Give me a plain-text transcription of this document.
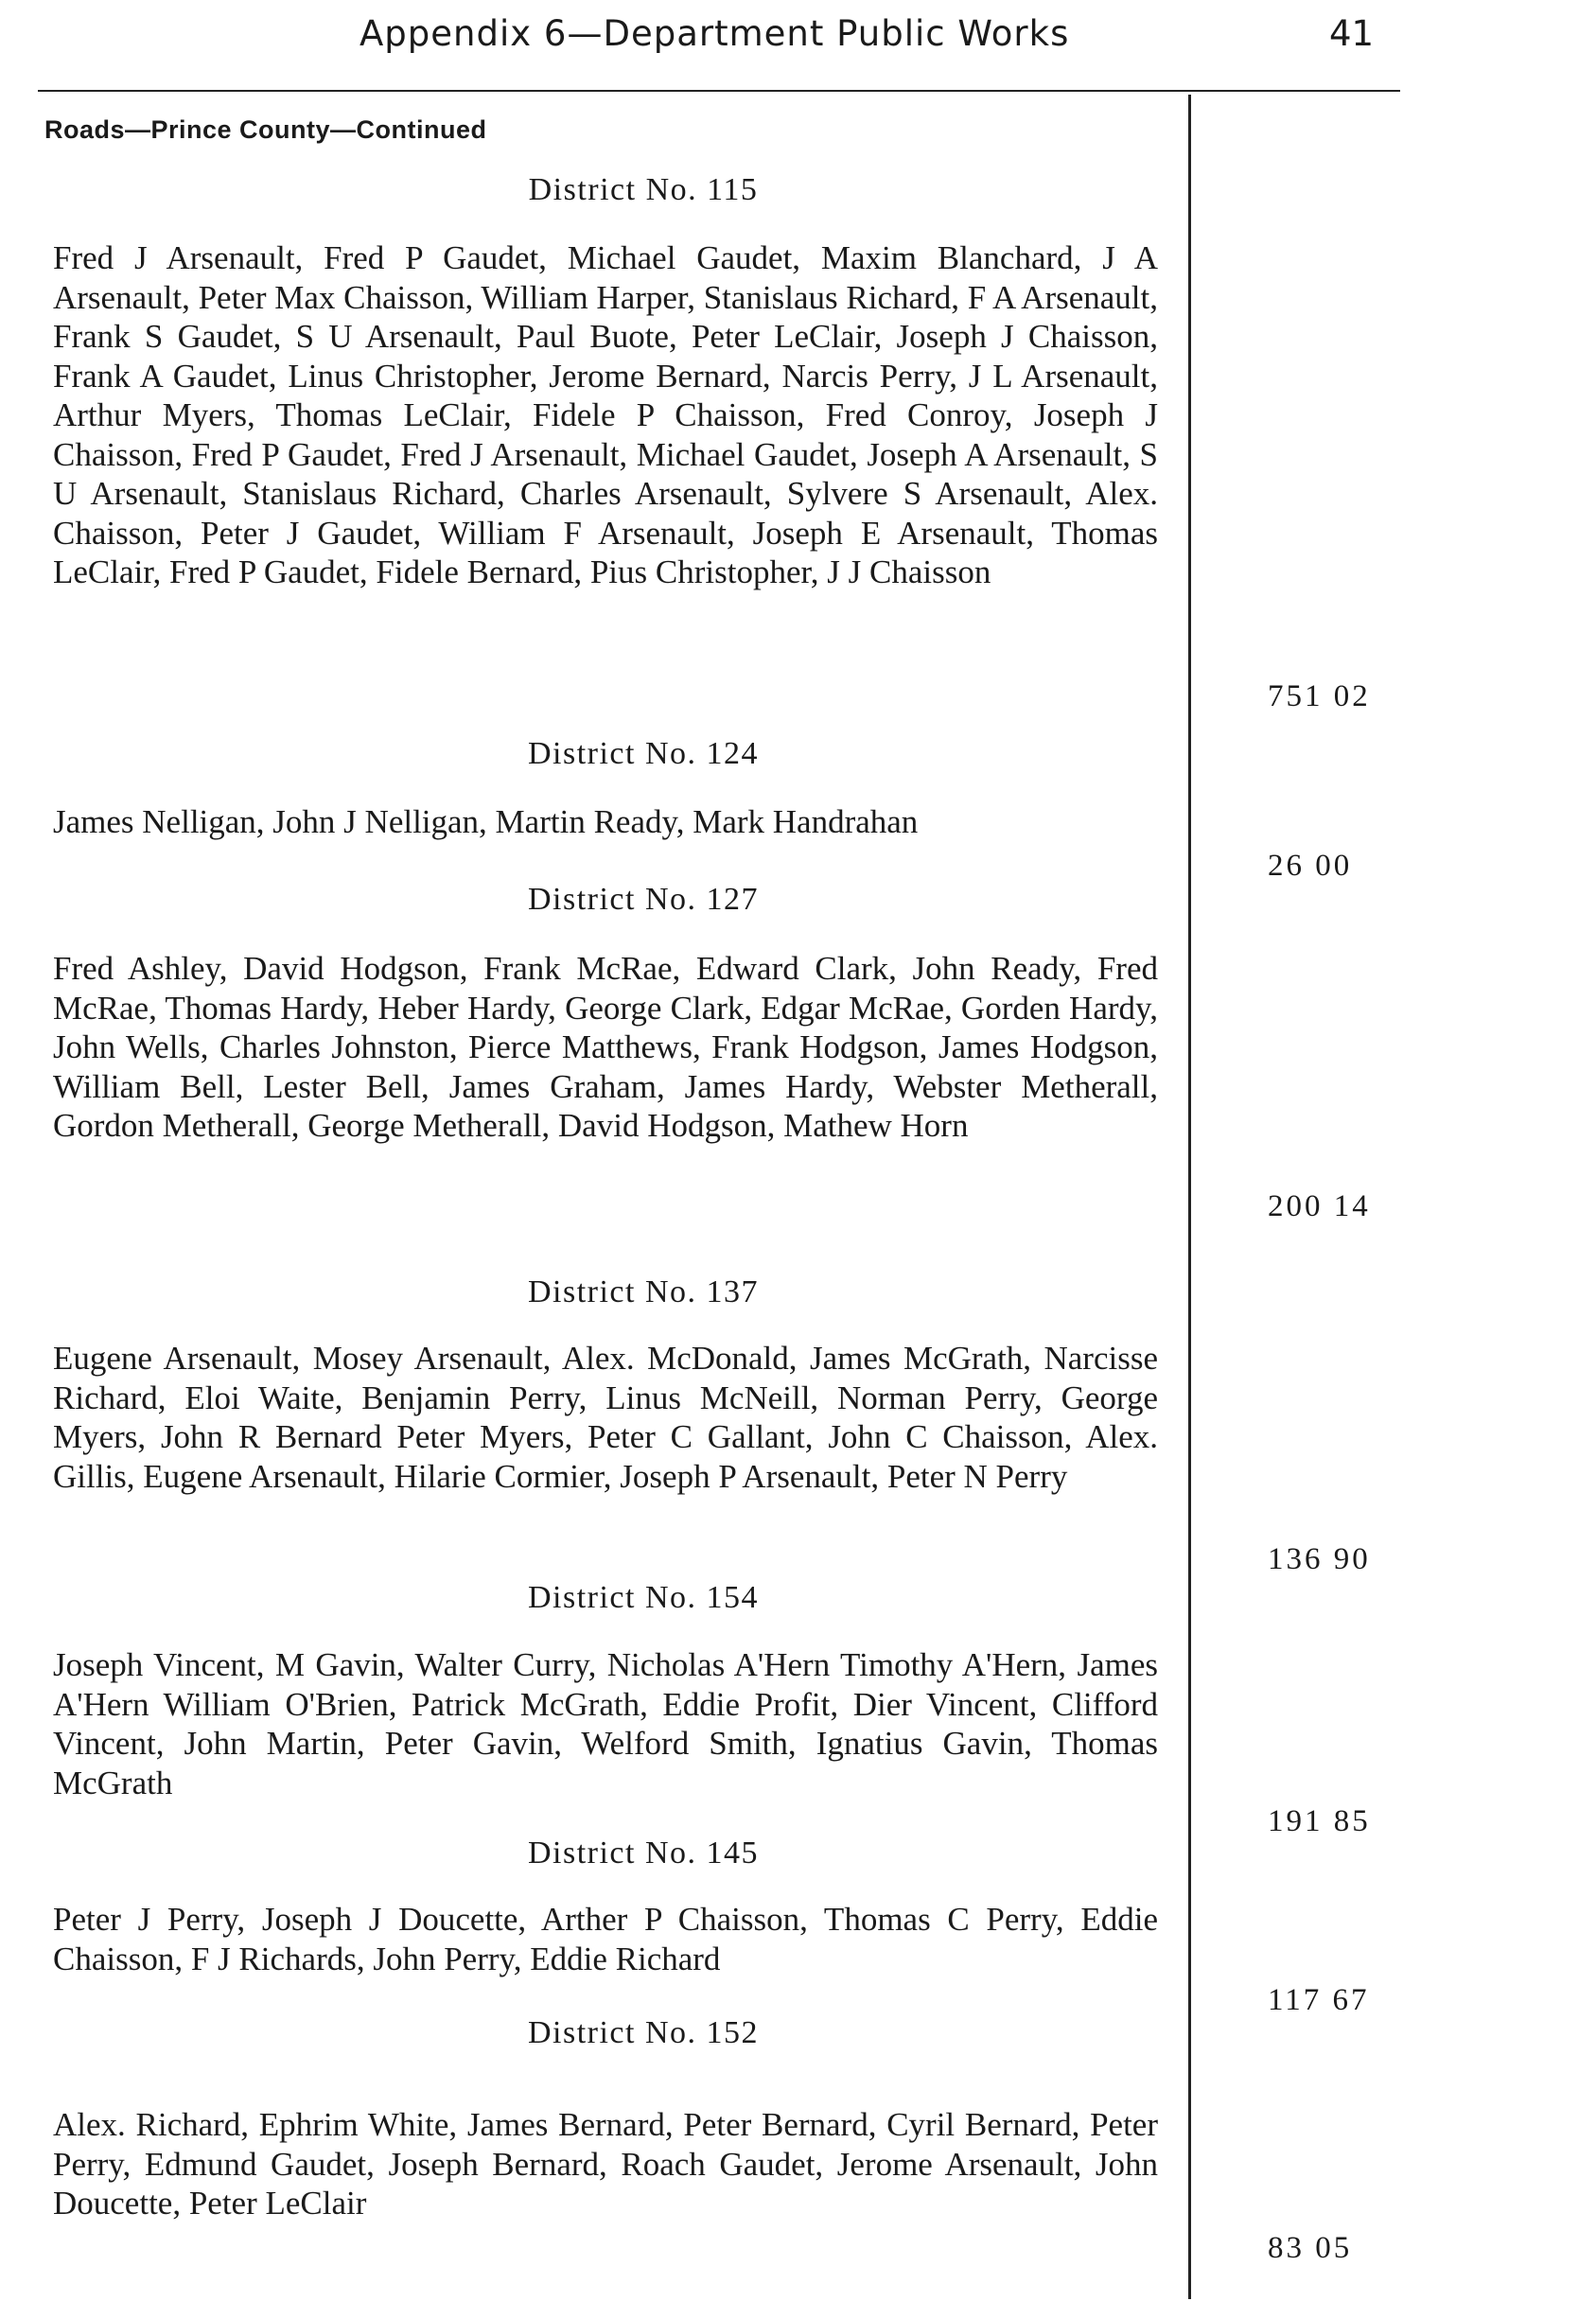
Appendix 6—Department Public Works	41
Roads—Prince County—Continued
District No. 115

Fred J Arsenault, Fred P Gaudet, Michael Gaudet, Maxim Blanchard, J A Arsenault, Peter Max Chaisson, William Harper, Stanislaus Richard, F A Arsenault, Frank S Gaudet, S U Arsenault, Paul Buote, Peter LeClair, Joseph J Chaisson, Frank A Gaudet, Linus Christopher, Jerome Bernard, Narcis Perry, J L Arsenault, Arthur Myers, Thomas LeClair, Fidele P Chaisson, Fred Conroy, Joseph J Chaisson, Fred P Gaudet, Fred J Arsenault, Michael Gaudet, Joseph A Arsenault, S U Arsenault, Stanislaus Richard, Charles Arsenault, Sylvere S Arsenault, Alex. Chaisson, Peter J Gaudet, William F Arsenault, Joseph E Arsenault, Thomas LeClair, Fred P Gaudet, Fidele Bernard, Pius Christopher, J J Chaisson

751 02
District No. 124

James Nelligan, John J Nelligan, Martin Ready, Mark Handrahan

26 00
District No. 127

Fred Ashley, David Hodgson, Frank McRae, Edward Clark, John Ready, Fred McRae, Thomas Hardy, Heber Hardy, George Clark, Edgar McRae, Gorden Hardy, John Wells, Charles Johnston, Pierce Matthews, Frank Hodgson, James Hodgson, William Bell, Lester Bell, James Graham, James Hardy, Webster Metherall, Gordon Metherall, George Metherall, David Hodgson, Mathew Horn

200 14
District No. 137

Eugene Arsenault, Mosey Arsenault, Alex. McDonald, James McGrath, Narcisse Richard, Eloi Waite, Benjamin Perry, Linus McNeill, Norman Perry, George Myers, John R Bernard Peter Myers, Peter C Gallant, John C Chaisson, Alex. Gillis, Eugene Arsenault, Hilarie Cormier, Joseph P Arsenault, Peter N Perry

136 90
District No. 154

Joseph Vincent, M Gavin, Walter Curry, Nicholas A'Hern Timothy A'Hern, James A'Hern William O'Brien, Patrick McGrath, Eddie Profit, Dier Vincent, Clifford Vincent, John Martin, Peter Gavin, Welford Smith, Ignatius Gavin, Thomas McGrath

191 85
District No. 145

Peter J Perry, Joseph J Doucette, Arther P Chaisson, Thomas C Perry, Eddie Chaisson, F J Richards, John Perry, Eddie Richard

117 67
District No. 152

Alex. Richard, Ephrim White, James Bernard, Peter Bernard, Cyril Bernard, Peter Perry, Edmund Gaudet, Joseph Bernard, Roach Gaudet, Jerome Arsenault, John Doucette, Peter LeClair

83 05
